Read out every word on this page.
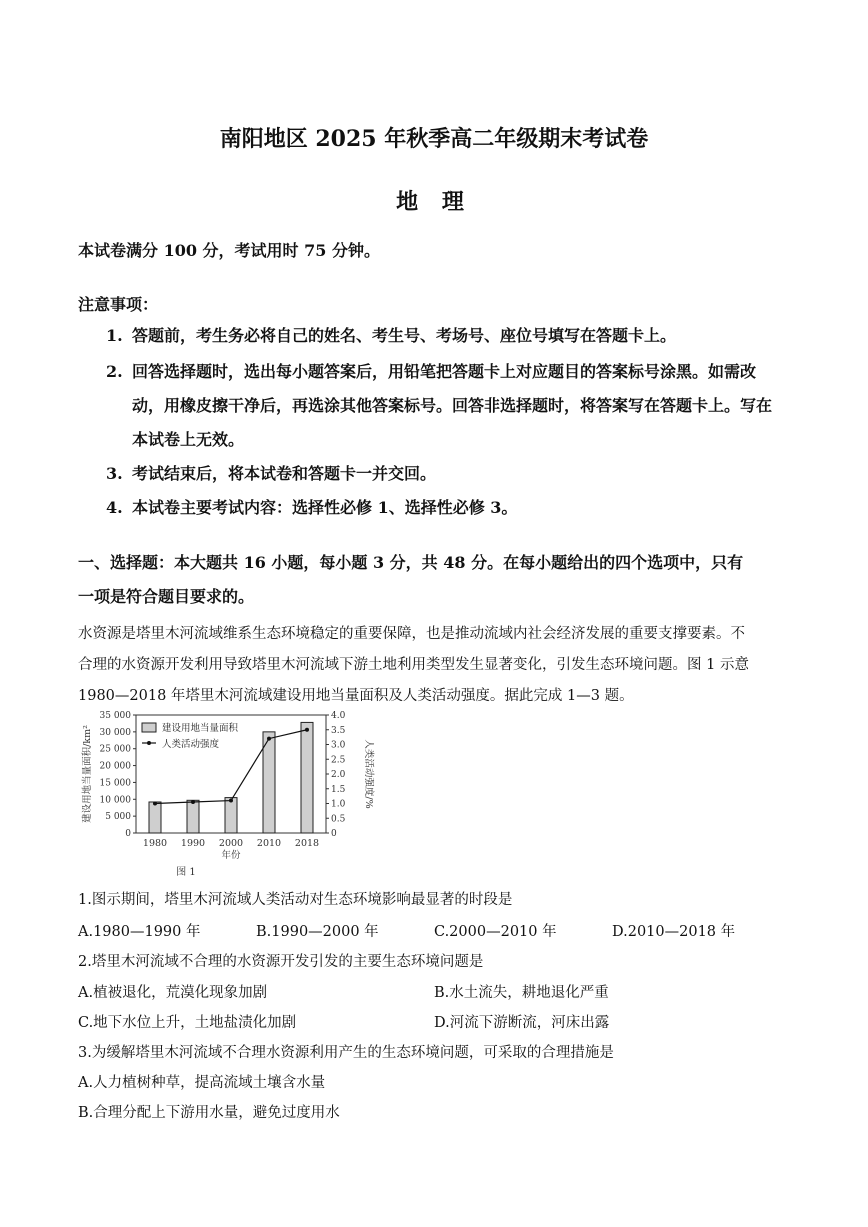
南阳地区 2025 年秋季高二年级期末考试卷
地 理
本试卷满分 100 分，考试用时 75 分钟。
注意事项：
1. 答题前，考生务必将自己的姓名、考生号、考场号、座位号填写在答题卡上。
2. 回答选择题时，选出每小题答案后，用铅笔把答题卡上对应题目的答案标号涂黑。如需改动，用橡皮擦干净后，再选涂其他答案标号。回答非选择题时，将答案写在答题卡上。写在本试卷上无效。
3. 考试结束后，将本试卷和答题卡一并交回。
4. 本试卷主要考试内容：选择性必修 1、选择性必修 3。
一、选择题：本大题共 16 小题，每小题 3 分，共 48 分。在每小题给出的四个选项中，只有
一项是符合题目要求的。
水资源是塔里木河流域维系生态环境稳定的重要保障，也是推动流域内社会经济发展的重要支撑要素。不
合理的水资源开发利用导致塔里木河流域下游土地利用类型发生显著变化，引发生态环境问题。图 1 示意
1980—2018 年塔里木河流域建设用地当量面积及人类活动强度。据此完成 1—3 题。
0
5 000
10 000
15 000
20 000
25 000
30 000
35 000
0
0.5
1.0
1.5
2.0
2.5
3.0
3.5
4.0
建设用地当量面积/km²	人类活动强度/%
1980 1990 2000 2010 2018
年份
图 1
建设用地当量面积
人类活动强度
1.图示期间，塔里木河流域人类活动对生态环境影响最显著的时段是
A.1980—1990 年	B.1990—2000 年	C.2000—2010 年	D.2010—2018 年
2.塔里木河流域不合理的水资源开发引发的主要生态环境问题是
A.植被退化，荒漠化现象加剧	B.水土流失，耕地退化严重
C.地下水位上升，土地盐渍化加剧	D.河流下游断流，河床出露
3.为缓解塔里木河流域不合理水资源利用产生的生态环境问题，可采取的合理措施是
A.人力植树种草，提高流域土壤含水量
B.合理分配上下游用水量，避免过度用水
